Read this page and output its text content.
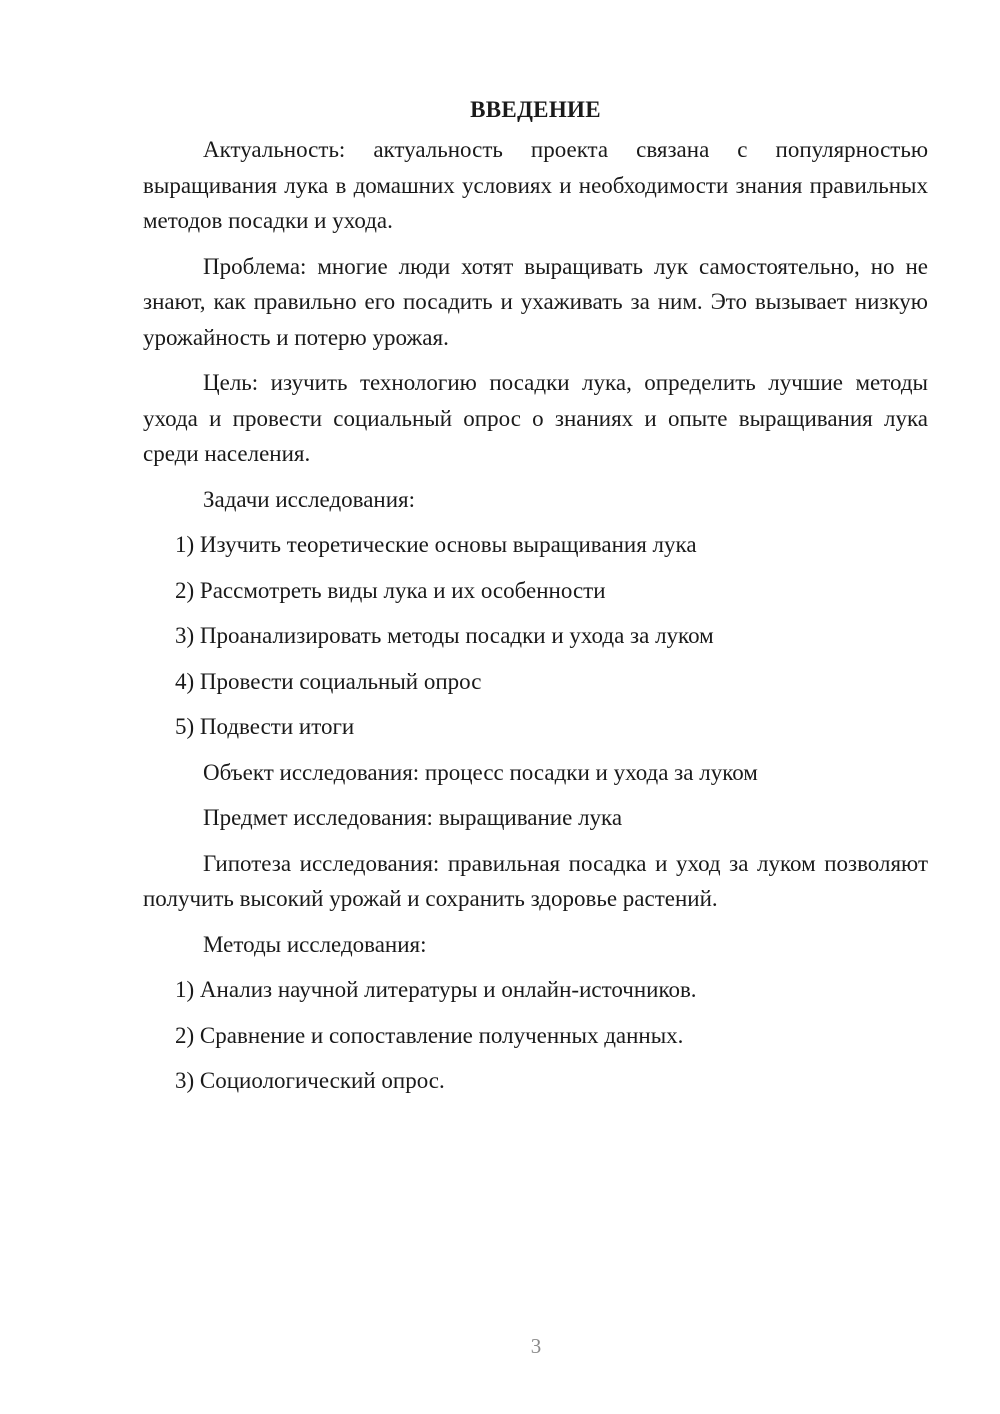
ВВЕДЕНИЕ

Актуальность: актуальность проекта связана с популярностью выращивания лука в домашних условиях и необходимости знания правильных методов посадки и ухода.

Проблема: многие люди хотят выращивать лук самостоятельно, но не знают, как правильно его посадить и ухаживать за ним. Это вызывает низкую урожайность и потерю урожая.

Цель: изучить технологию посадки лука, определить лучшие методы ухода и провести социальный опрос о знаниях и опыте выращивания лука среди населения.

Задачи исследования:

1) Изучить теоретические основы выращивания лука
2) Рассмотреть виды лука и их особенности
3) Проанализировать методы посадки и ухода за луком
4) Провести социальный опрос
5) Подвести итоги

Объект исследования: процесс посадки и ухода за луком

Предмет исследования: выращивание лука

Гипотеза исследования: правильная посадка и уход за луком позволяют получить высокий урожай и сохранить здоровье растений.

Методы исследования:

1) Анализ научной литературы и онлайн-источников.
2) Сравнение и сопоставление полученных данных.
3) Социологический опрос.
3
